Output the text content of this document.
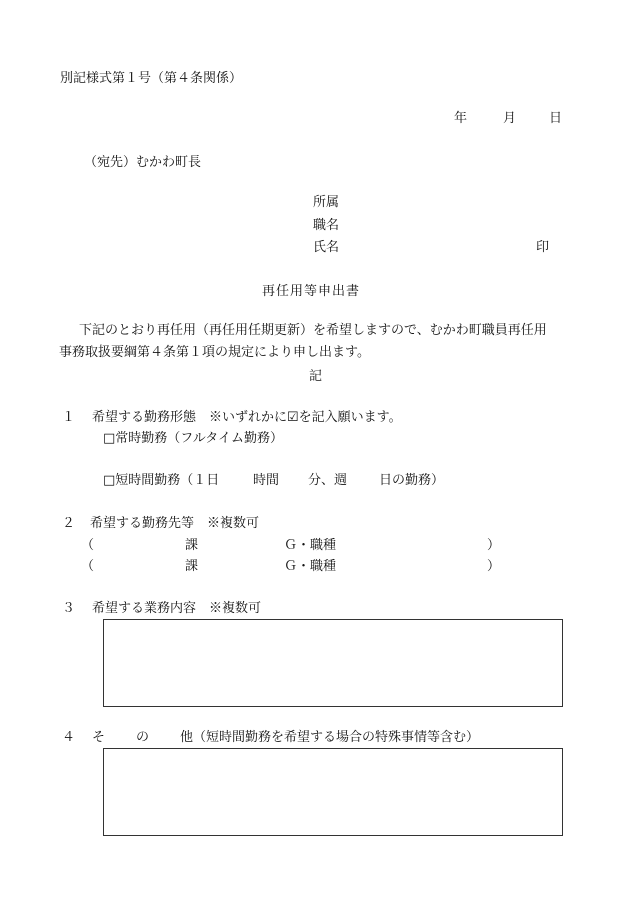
別記様式第１号（第４条関係）
年	月	日
（宛先）むかわ町長
所属
職名
氏名	印
再任用等申出書
下記のとおり再任用（再任用任期更新）を希望しますので、むかわ町職員再任用
事務取扱要綱第４条第１項の規定により申し出ます。
記
１ 希望する勤務形態　※いずれかに☑を記入願います。
□常時勤務（フルタイム勤務）
□短時間勤務（１日	時間 分、週 日の勤務）
２ 希望する勤務先等　※複数可
（	課	Ｇ・職種	）
（	課	Ｇ・職種	）
３ 希望する業務内容　※複数可
４ そ の 他（短時間勤務を希望する場合の特殊事情等含む）
